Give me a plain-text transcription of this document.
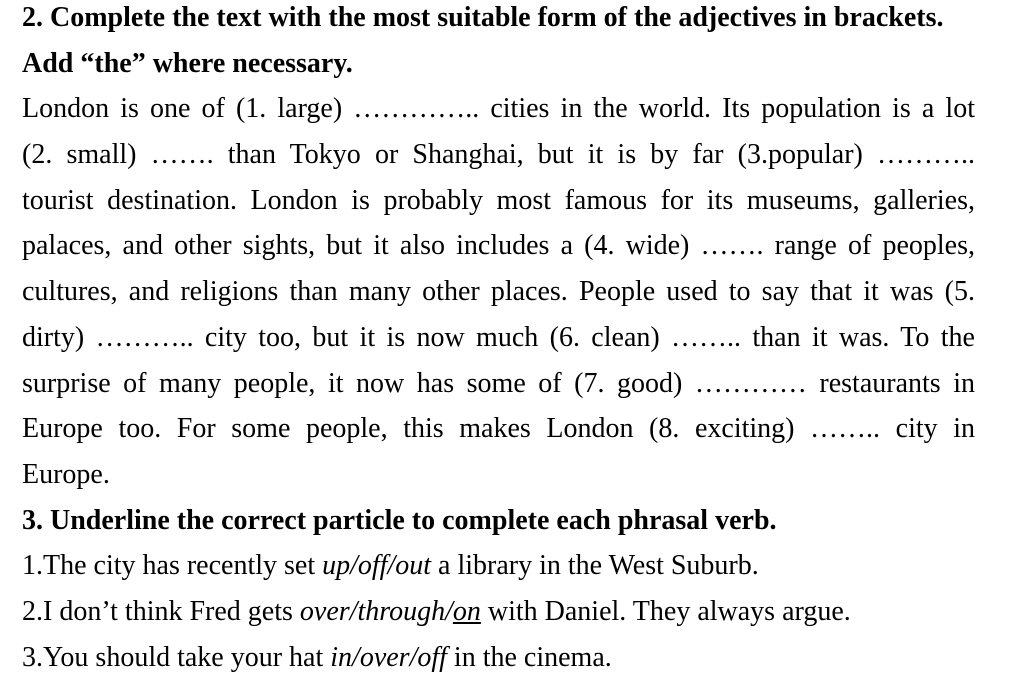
2. Complete the text with the most suitable form of the adjectives in brackets.
Add “the” where necessary.
London is one of (1. large) ………….. cities in the world. Its population is a lot
(2. small) ……. than Tokyo or Shanghai, but it is by far (3.popular) ………..
tourist destination. London is probably most famous for its museums, galleries,
palaces, and other sights, but it also includes a (4. wide) ……. range of peoples,
cultures, and religions than many other places. People used to say that it was (5.
dirty) ……….. city too, but it is now much (6. clean) …….. than it was. To the
surprise of many people, it now has some of (7. good) ………… restaurants in
Europe too. For some people, this makes London (8. exciting) …….. city in
Europe.
3. Underline the correct particle to complete each phrasal verb.
1.The city has recently set up/off/out a library in the West Suburb.
2.I don’t think Fred gets over/through/on with Daniel. They always argue.
3.You should take your hat in/over/off in the cinema.
